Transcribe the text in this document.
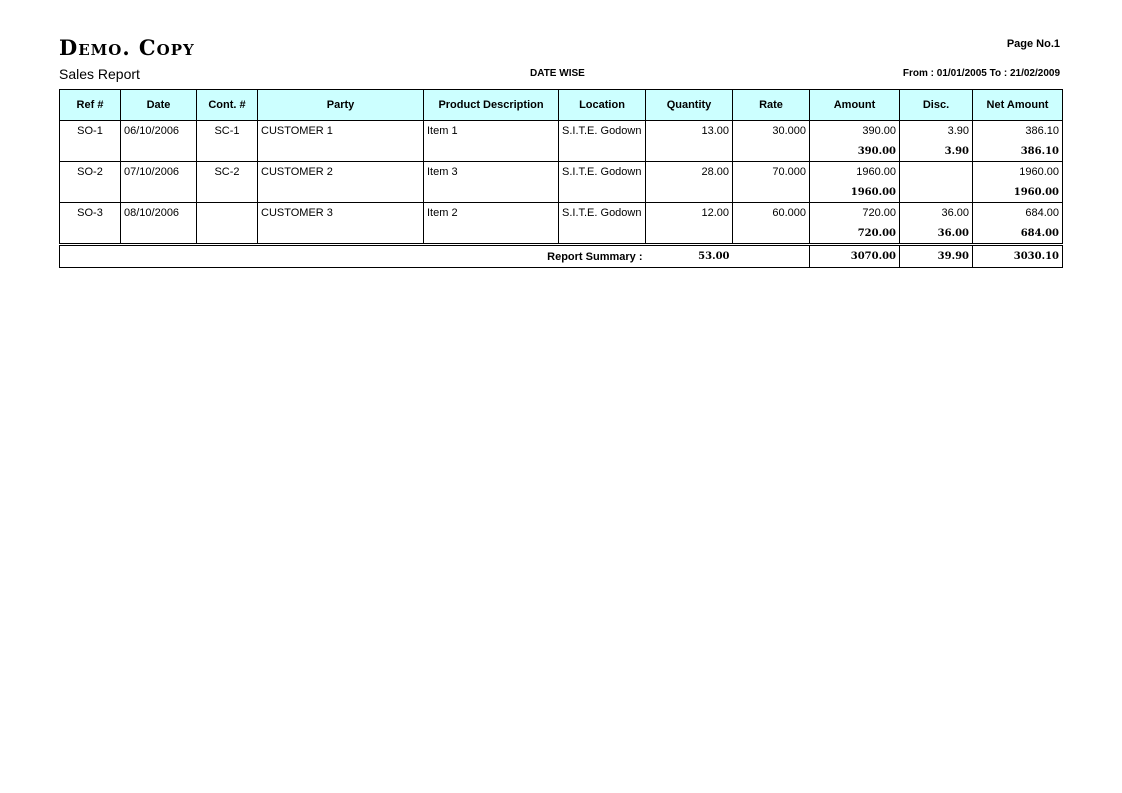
Demo. Copy	Page No.1
Sales Report	DATE WISE	From : 01/01/2005 To : 21/02/2009
Ref #	Date	Cont. #	Party	Product Description	Location	Quantity	Rate	Amount	Disc.	Net Amount
SO-1	06/10/2006	SC-1	CUSTOMER 1	Item 1	S.I.T.E. Godown	13.00	30.000	390.00	3.90	386.10
								390.00	3.90	386.10
SO-2	07/10/2006	SC-2	CUSTOMER 2	Item 3	S.I.T.E. Godown	28.00	70.000	1960.00		1960.00
								1960.00		1960.00
SO-3	08/10/2006		CUSTOMER 3	Item 2	S.I.T.E. Godown	12.00	60.000	720.00	36.00	684.00
								720.00	36.00	684.00
Report Summary :	53.00		3070.00	39.90	3030.10
